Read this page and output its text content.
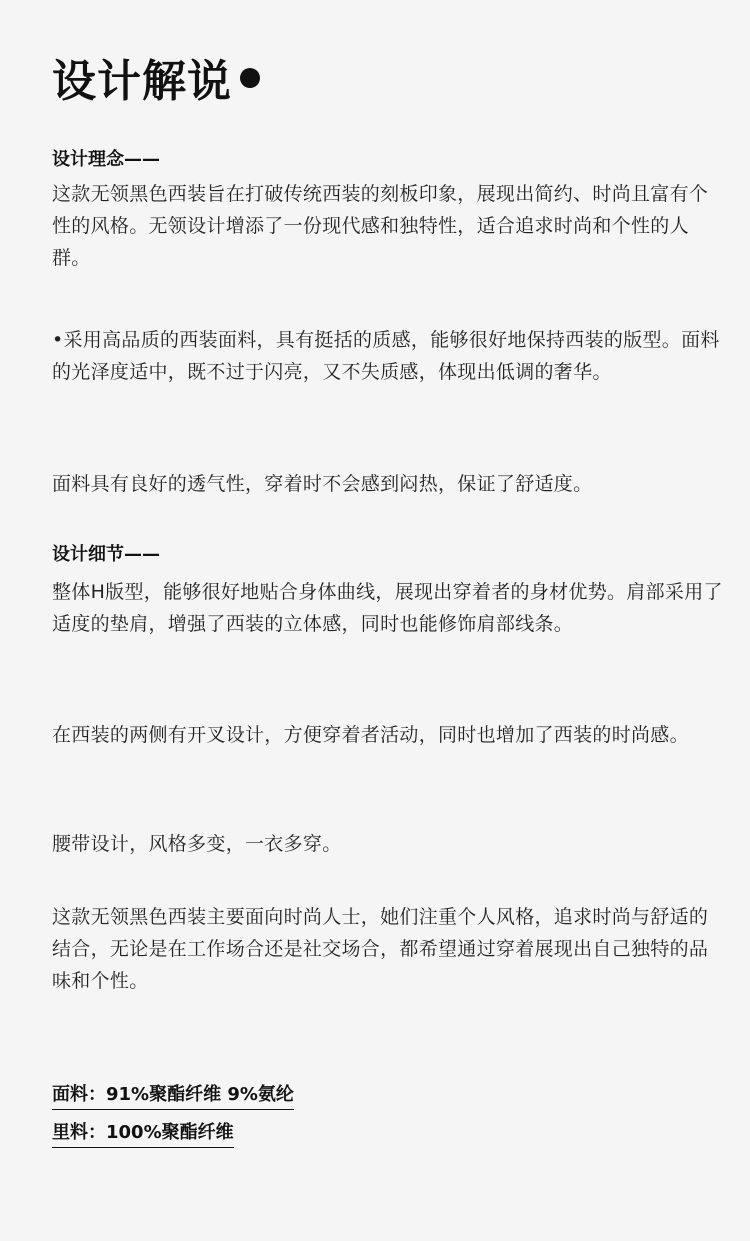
设计解说
设计理念——
这款无领黑色西装旨在打破传统西装的刻板印象，展现出简约、时尚且富有个性的风格。无领设计增添了一份现代感和独特性，适合追求时尚和个性的人群。
•采用高品质的西装面料，具有挺括的质感，能够很好地保持西装的版型。面料的光泽度适中，既不过于闪亮，又不失质感，体现出低调的奢华。
面料具有良好的透气性，穿着时不会感到闷热，保证了舒适度。
设计细节——
整体H版型，能够很好地贴合身体曲线，展现出穿着者的身材优势。肩部采用了适度的垫肩，增强了西装的立体感，同时也能修饰肩部线条。
在西装的两侧有开叉设计，方便穿着者活动，同时也增加了西装的时尚感。
腰带设计，风格多变，一衣多穿。
这款无领黑色西装主要面向时尚人士，她们注重个人风格，追求时尚与舒适的结合，无论是在工作场合还是社交场合，都希望通过穿着展现出自己独特的品味和个性。
面料：91%聚酯纤维 9%氨纶
里料：100%聚酯纤维
